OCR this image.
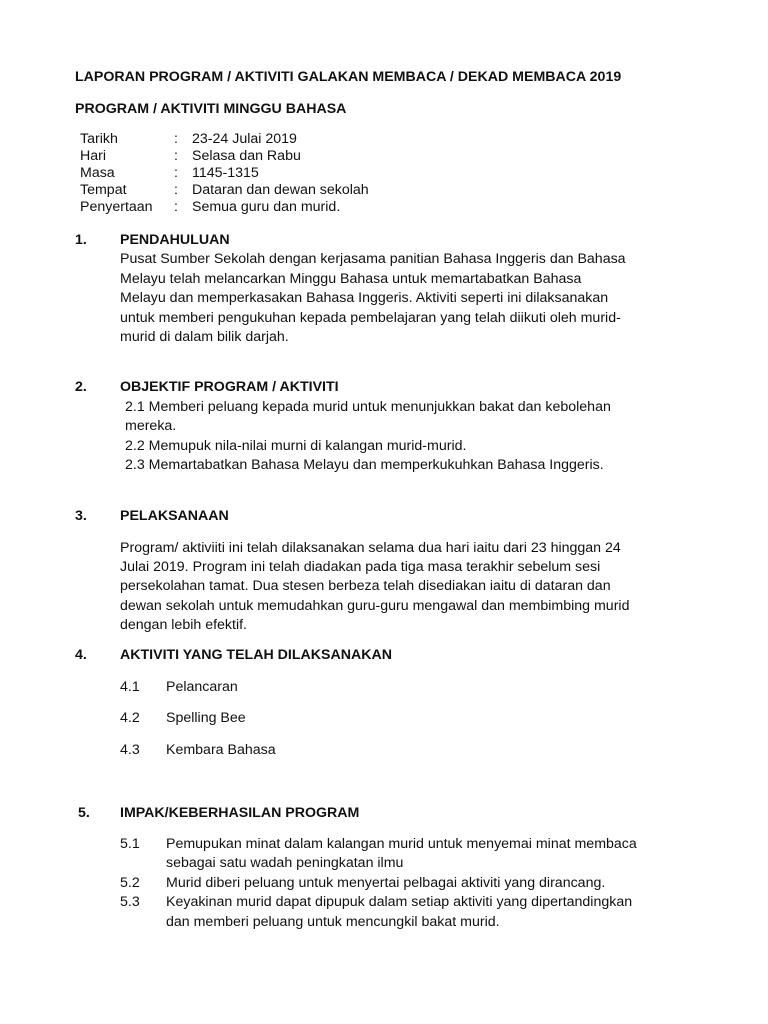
LAPORAN PROGRAM / AKTIVITI GALAKAN MEMBACA / DEKAD MEMBACA 2019
PROGRAM / AKTIVITI MINGGU BAHASA
Tarikh	: 23-24 Julai 2019
Hari	: Selasa dan Rabu
Masa	: 1145-1315
Tempat	: Dataran dan dewan sekolah
Penyertaan : Semua guru dan murid.
1. PENDAHULUAN
Pusat Sumber Sekolah dengan kerjasama panitian Bahasa Inggeris dan Bahasa
Melayu telah melancarkan Minggu Bahasa untuk memartabatkan Bahasa
Melayu dan memperkasakan Bahasa Inggeris. Aktiviti seperti ini dilaksanakan
untuk memberi pengukuhan kepada pembelajaran yang telah diikuti oleh murid-
murid di dalam bilik darjah.
2. OBJEKTIF PROGRAM / AKTIVITI
2.1 Memberi peluang kepada murid untuk menunjukkan bakat dan kebolehan
mereka.
2.2 Memupuk nila-nilai murni di kalangan murid-murid.
2.3 Memartabatkan Bahasa Melayu dan memperkukuhkan Bahasa Inggeris.
3. PELAKSANAAN
Program/ aktiviiti ini telah dilaksanakan selama dua hari iaitu dari 23 hinggan 24
Julai 2019. Program ini telah diadakan pada tiga masa terakhir sebelum sesi
persekolahan tamat. Dua stesen berbeza telah disediakan iaitu di dataran dan
dewan sekolah untuk memudahkan guru-guru mengawal dan membimbing murid
dengan lebih efektif.
4. AKTIVITI YANG TELAH DILAKSANAKAN
4.1 Pelancaran
4.2 Spelling Bee
4.3 Kembara Bahasa
5. IMPAK/KEBERHASILAN PROGRAM
5.1 Pemupukan minat dalam kalangan murid untuk menyemai minat membaca
sebagai satu wadah peningkatan ilmu
5.2 Murid diberi peluang untuk menyertai pelbagai aktiviti yang dirancang.
5.3 Keyakinan murid dapat dipupuk dalam setiap aktiviti yang dipertandingkan
dan memberi peluang untuk mencungkil bakat murid.
